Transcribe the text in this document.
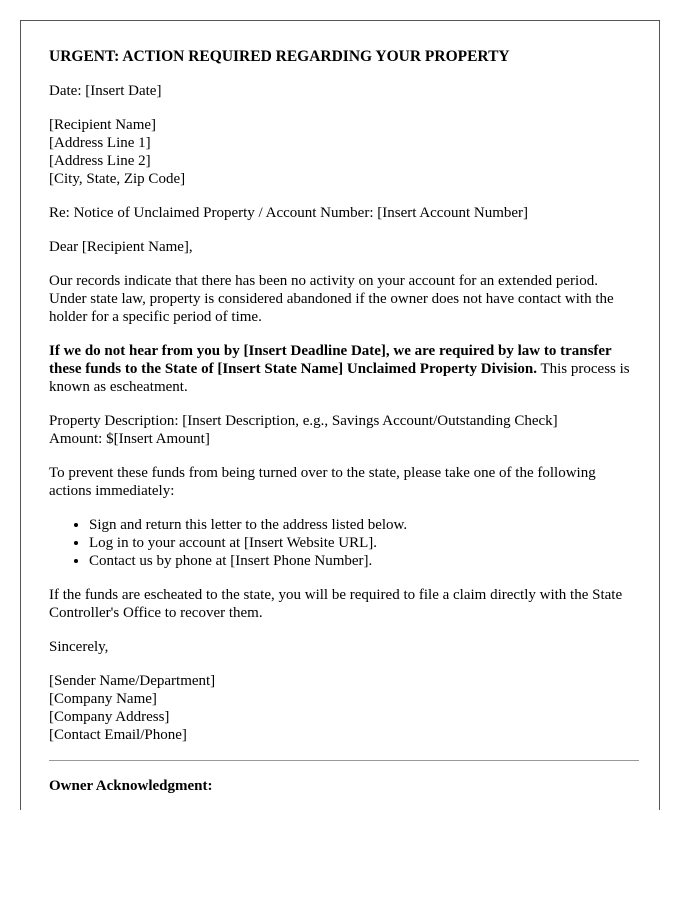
URGENT: ACTION REQUIRED REGARDING YOUR PROPERTY

Date: [Insert Date]

[Recipient Name]
[Address Line 1]
[Address Line 2]
[City, State, Zip Code]

Re: Notice of Unclaimed Property / Account Number: [Insert Account Number]

Dear [Recipient Name],

Our records indicate that there has been no activity on your account for an extended period. Under state law, property is considered abandoned if the owner does not have contact with the holder for a specific period of time.

If we do not hear from you by [Insert Deadline Date], we are required by law to transfer these funds to the State of [Insert State Name] Unclaimed Property Division. This process is known as escheatment.

Property Description: [Insert Description, e.g., Savings Account/Outstanding Check]
Amount: $[Insert Amount]

To prevent these funds from being turned over to the state, please take one of the following actions immediately:

• Sign and return this letter to the address listed below.
• Log in to your account at [Insert Website URL].
• Contact us by phone at [Insert Phone Number].

If the funds are escheated to the state, you will be required to file a claim directly with the State Controller's Office to recover them.

Sincerely,

[Sender Name/Department]
[Company Name]
[Company Address]
[Contact Email/Phone]

Owner Acknowledgment:
